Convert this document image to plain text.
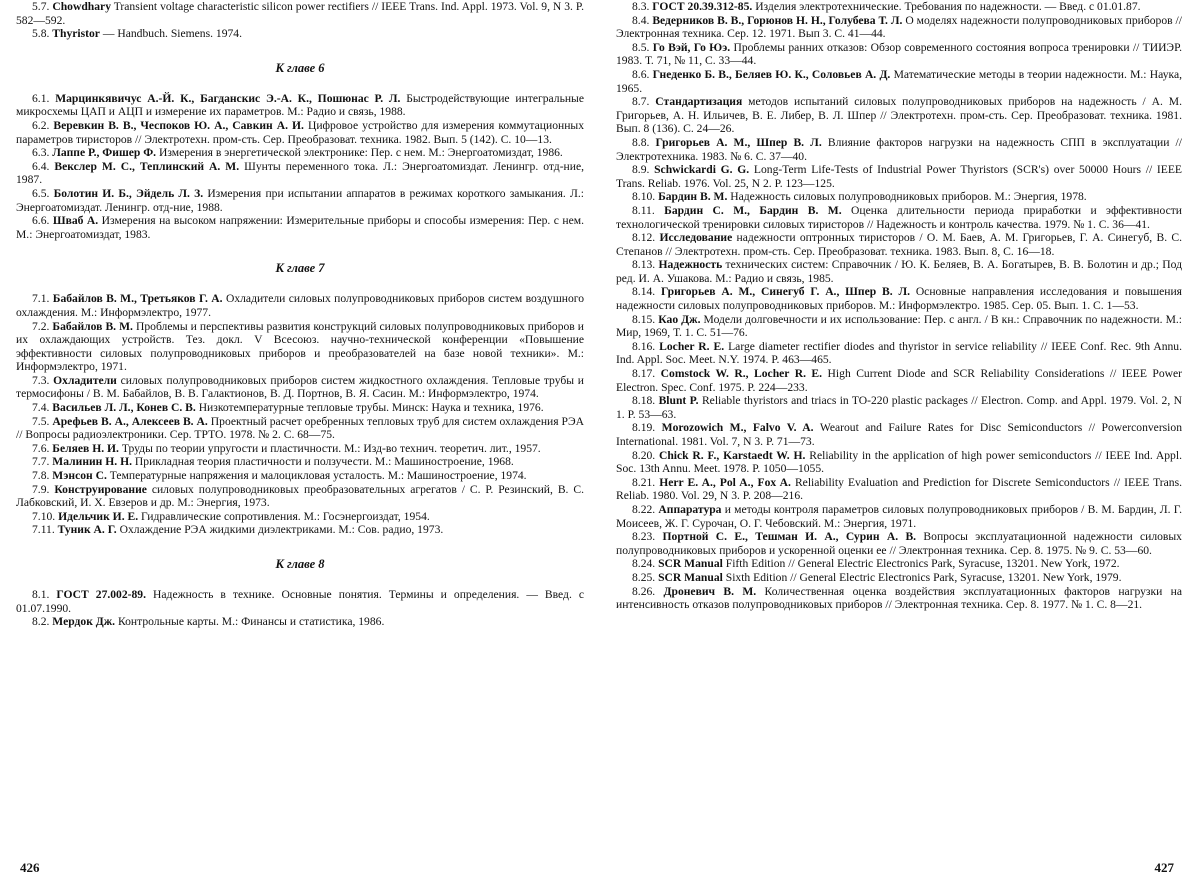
5.7. Chowdhary Transient voltage characteristic silicon power rectifiers // IEEE Trans. Ind. Appl. 1973. Vol. 9, N 3. P. 582—592.

5.8. Thyristor — Handbuch. Siemens. 1974.

К главе 6

6.1. Марцинкявичус А.-Й. К., Багданскис Э.-А. К., Пошюнас Р. Л. Быстродействующие интегральные микросхемы ЦАП и АЦП и измерение их параметров. М.: Радио и связь, 1988.

6.2. Веревкин В. В., Чеспоков Ю. А., Савкин А. И. Цифровое устройство для измерения коммутационных параметров тиристоров // Электротехн. пром-сть. Сер. Преобразоват. техника. 1982. Вып. 5 (142). С. 10—13.

6.3. Лаппе Р., Фишер Ф. Измерения в энергетической электронике: Пер. с нем. М.: Энергоатомиздат, 1986.

6.4. Векслер М. С., Теплинский А. М. Шунты переменного тока. Л.: Энергоатомиздат. Ленингр. отд-ние, 1987.

6.5. Болотин И. Б., Эйдель Л. З. Измерения при испытании аппаратов в режимах короткого замыкания. Л.: Энергоатомиздат. Ленингр. отд-ние, 1988.

6.6. Шваб А. Измерения на высоком напряжении: Измерительные приборы и способы измерения: Пер. с нем. М.: Энергоатомиздат, 1983.

К главе 7

7.1. Бабайлов В. М., Третьяков Г. А. Охладители силовых полупроводниковых приборов систем воздушного охлаждения. М.: Информэлектро, 1977.

7.2. Бабайлов В. М. Проблемы и перспективы развития конструкций силовых полупроводниковых приборов и их охлаждающих устройств. Тез. докл. V Всесоюз. научно-технической конференции «Повышение эффективности силовых полупроводниковых приборов и преобразователей на базе новой техники». М.: Информэлектро, 1971.

7.3. Охладители силовых полупроводниковых приборов систем жидкостного охлаждения. Тепловые трубы и термосифоны / В. М. Бабайлов, В. В. Галактионов, В. Д. Портнов, В. Я. Сасин. М.: Информэлектро, 1974.

7.4. Васильев Л. Л., Конев С. В. Низкотемпературные тепловые трубы. Минск: Наука и техника, 1976.

7.5. Арефьев В. А., Алексеев В. А. Проектный расчет оребренных тепловых труб для систем охлаждения РЭА // Вопросы радиоэлектроники. Сер. ТРТО. 1978. № 2. С. 68—75.

7.6. Беляев Н. И. Труды по теории упругости и пластичности. М.: Изд-во технич. теоретич. лит., 1957.

7.7. Малинин Н. Н. Прикладная теория пластичности и ползучести. М.: Машиностроение, 1968.

7.8. Мэнсон С. Температурные напряжения и малоцикловая усталость. М.: Машиностроение, 1974.

7.9. Конструирование силовых полупроводниковых преобразовательных агрегатов / С. Р. Резинский, В. С. Лабковский, И. Х. Евзеров и др. М.: Энергия, 1973.

7.10. Идельчик И. Е. Гидравлические сопротивления. М.: Госэнергоиздат, 1954.

7.11. Туник А. Г. Охлаждение РЭА жидкими диэлектриками. М.: Сов. радио, 1973.

К главе 8

8.1. ГОСТ 27.002-89. Надежность в технике. Основные понятия. Термины и определения. — Введ. с 01.07.1990.

8.2. Мердок Дж. Контрольные карты. М.: Финансы и статистика, 1986.

426

8.3. ГОСТ 20.39.312-85. Изделия электротехнические. Требования по надежности. — Введ. с 01.01.87.

8.4. Ведерников В. В., Горюнов Н. Н., Голубева Т. Л. О моделях надежности полупроводниковых приборов // Электронная техника. Сер. 12. 1971. Вып 3. С. 41—44.

8.5. Го Вэй, Го Юэ. Проблемы ранних отказов: Обзор современного состояния вопроса тренировки // ТИИЭР. 1983. Т. 71, № 11, С. 33—44.

8.6. Гнеденко Б. В., Беляев Ю. К., Соловьев А. Д. Математические методы в теории надежности. М.: Наука, 1965.

8.7. Стандартизация методов испытаний силовых полупроводниковых приборов на надежность / А. М. Григорьев, А. Н. Ильичев, В. Е. Либер, В. Л. Шпер // Электротехн. пром-сть. Сер. Преобразоват. техника. 1981. Вып. 8 (136). С. 24—26.

8.8. Григорьев А. М., Шпер В. Л. Влияние факторов нагрузки на надежность СПП в эксплуатации // Электротехника. 1983. № 6. С. 37—40.

8.9. Schwickardi G. G. Long-Term Life-Tests of Industrial Power Thyristors (SCR's) over 50000 Hours // IEEE Trans. Reliab. 1976. Vol. 25, N 2. P. 123—125.

8.10. Бардин В. М. Надежность силовых полупроводниковых приборов. М.: Энергия, 1978.

8.11. Бардин С. М., Бардин В. М. Оценка длительности периода приработки и эффективности технологической тренировки силовых тиристоров // Надежность и контроль качества. 1979. № 1. С. 36—41.

8.12. Исследование надежности оптронных тиристоров / О. М. Баев, А. М. Григорьев, Г. А. Синегуб, В. С. Степанов // Электротехн. пром-сть. Сер. Преобразоват. техника. 1983. Вып. 8, С. 16—18.

8.13. Надежность технических систем: Справочник / Ю. К. Беляев, В. А. Богатырев, В. В. Болотин и др.; Под ред. И. А. Ушакова. М.: Радио и связь, 1985.

8.14. Григорьев А. М., Синегуб Г. А., Шпер В. Л. Основные направления исследования и повышения надежности силовых полупроводниковых приборов. М.: Информэлектро. 1985. Сер. 05. Вып. 1. С. 1—53.

8.15. Као Дж. Модели долговечности и их использование: Пер. с англ. / В кн.: Справочник по надежности. М.: Мир, 1969, Т. 1. С. 51—76.

8.16. Locher R. E. Large diameter rectifier diodes and thyristor in service reliability // IEEE Conf. Rec. 9th Annu. Ind. Appl. Soc. Meet. N.Y. 1974. P. 463—465.

8.17. Comstock W. R., Locher R. E. High Current Diode and SCR Reliability Considerations // IEEE Power Electron. Spec. Conf. 1975. P. 224—233.

8.18. Blunt P. Reliable thyristors and triacs in TO-220 plastic packages // Electron. Comp. and Appl. 1979. Vol. 2, N 1. P. 53—63.

8.19. Morozowich M., Falvo V. A. Wearout and Failure Rates for Disc Semiconductors // Powerconversion International. 1981. Vol. 7, N 3. P. 71—73.

8.20. Chick R. F., Karstaedt W. H. Reliability in the application of high power semiconductors // IEEE Ind. Appl. Soc. 13th Annu. Meet. 1978. P. 1050—1055.

8.21. Herr E. A., Pol A., Fox A. Reliability Evaluation and Prediction for Discrete Semiconductors // IEEE Trans. Reliab. 1980. Vol. 29, N 3. P. 208—216.

8.22. Аппаратура и методы контроля параметров силовых полупроводниковых приборов / В. М. Бардин, Л. Г. Моисеев, Ж. Г. Сурочан, О. Г. Чебовский. М.: Энергия, 1971.

8.23. Портной С. Е., Тешман И. А., Сурин А. В. Вопросы эксплуатационной надежности силовых полупроводниковых приборов и ускоренной оценки ее // Электронная техника. Сер. 8. 1975. № 9. С. 53—60.

8.24. SCR Manual Fifth Edition // General Electric Electronics Park, Syracuse, 13201. New York, 1972.

8.25. SCR Manual Sixth Edition // General Electric Electronics Park, Syracuse, 13201. New York, 1979.

8.26. Дроневич В. М. Количественная оценка воздействия эксплуатационных факторов нагрузки на интенсивность отказов полупроводниковых приборов // Электронная техника. Сер. 8. 1977. № 1. С. 8—21.

427
